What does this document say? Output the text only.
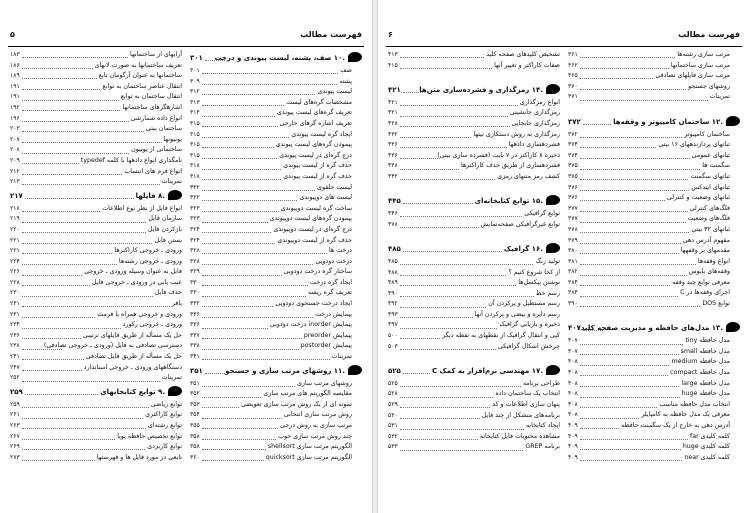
فهرست مطالب
۵
.۱۰ صف، پشته، لیست پیوندی و درخت
۳۰۱
صف
۳۰۱
پشته
۳۰۹
لیست پیوندی
۳۱۲
مشخصات گرەهای لیست
۳۱۳
تعریف گرەهای لیست پیوندی
۳۱۴
تعریف اشاره گرهای خارجی
۳۱۵
ایجاد گره لیست پیوندی
۳۱۵
پیمودن گرەهای لیست پیوندی
۳۱۵
درج گرەای در لیست پیوندی
۳۱۵
حذف گره از لیست پیوندی
۳۱۸
حذف گره از لیست پیوندی
۳۱۸
لیست حلقوی
۳۲۲
لیست های دوپیوندی
۳۲۲
ساخت گره لیست دوپیوندی
۳۲۳
پیمودن گرەهای لیست دوپیوندی
۳۲۳
درج گرەای در لیست دوپیوندی
۳۲۴
حذف گره از لیست دوپیوندی
۳۲۴
درخت ها
۳۲۸
درخت دودویی
۳۲۸
ساختار گره درخت دودویی
۳۲۹
ایجاد گره درخت
۳۳۰
تعریف گره ریشه
۳۳۰
ایجاد درخت جستجوی دودویی
۳۳۲
پیمایش درخت
۳۳۶
پیمایش inorder درخت دودویی
۳۳۶
پیمایش preorder
۳۳۷
پیمایش postorder
۳۳۸
تمرینات
۳۴۱
.۱۱ روشهای مرتب سازی و جستجو
۳۵۱
روشهای مرتب سازی
۳۵۱
مقایسه الگوریتم های مرتب سازی
۳۵۲
نمونه ای از یک روش مرتب سازی تعویضی
۳۵۳
روش مرتب سازی انتخابی
۳۵۴
مرتب سازی به روش درجی
۳۵۵
چند روش مرتب سازی خوب
۳۵۸
الگوریتم مرتب سازی shellsort
۳۵۸
الگوریتم مرتب سازی quicksort
۳۶۰
آرایهای از ساختمانها
۱۸۳
تعریف ساختمانها به صورت لانهای
۱۸۶
ساختمانها به عنوان آرگومان تابع
۱۸۹
انتقال عناصر ساختمان به توابع
۱۹۱
انتقال ساختمان به توابع
۱۹۱
اشارهگرهای ساختمانها
۱۹۲
انواع داده شمارشی
۱۹۶
ساختمان بیتی
۲۰۳
یونیونها
۲۰۷
ساختمانی از یونیون
۲۰۸
نامگذاری انواع دادهها با کلمه typedef
۲۰۹
انواع فرم های انتساب
۲۱۲
تمرینات
۲۱۳
.۸ فایلها
۲۱۷
انواع فایل از نظر نوع اطلاعات
۲۱۸
سازمان فایل
۲۱۹
بازکردن فایل
۲۲۰
بستن فایل
۲۲۱
ورودی ـ خروجی کاراکترها
۲۲۱
ورودی ـ خروجی رشته‌ها
۲۲۴
فایل به عنوان وسیله ورودی ـ خروجی
۲۲۶
عیب یابی در ورودی ـ خروجی فایل
۲۲۸
حذف فایل
۲۳۰
بافر
۲۳۱
ورودی و خروجی همراه با فرمت
۲۳۱
ورودی ـ خروجی رکورد
۲۳۴
حل یک مسأله از طریق فایلهای ترتیبی
۲۳۶
دسترسی تصادفی به فایل (ورودی ـ خروجی تصادفی)
۲۳۸
حل یک مسأله از طریق فایل تصادفی
۲۴۱
دستگاههای ورودی ـ خروجی استاندارد
۲۴۷
تمرینات
۲۵۲
.۹ توابع کتابخانهای
۲۵۹
توابع ریاضی
۲۵۹
توابع کاراکتری
۲۶۱
توابع رشته‌ای
۲۶۳
توابع تخصیص حافظه پویا
۲۶۷
توابع کاربردی
۲۶۹
تابعی در مورد فایل ها و فهرستها
۲۷۳
فهرست مطالب
۶
مرتب سازی رشته‌ها
۳۶۱
مرتب سازی ساختمانها
۳۶۲
مرتب سازی فایلهای تصادفی
۳۶۵
روشهای جستجو
۳۷۰
تمرینات
۳۷۱
.۱۲ ساختمان کامپیوتر و وقفه‌ها
۳۷۲
ساختمان کامپیوتر
۳۷۲
ثباتهای پردازندههای ۱۶ بیتی
۳۷۴
ثباتهای عمومی
۳۷۴
سگمنت ها
۳۷۵
ثباتهای سگمنت
۳۷۵
ثباتهای ایندکس
۳۷۶
ثباتهای وضعیت و کنترلی
۳۷۶
فلگ‌های کنترلی
۳۷۷
فلگ‌های وضعیت
۳۷۷
ثباتهای ۳۲ بیتی
۳۷۸
مفهوم آدرس دهی
۳۷۹
مقدمهای بر وقفهها
۳۸۰
انواع وقفه‌ها
۳۸۱
وقفه‌های بایوس
۳۸۲
معرفی توابع چند وقفه
۳۸۴
اجرای وقفه‌ها در C
۳۸۴
توابع DOS
۳۹۰
.۱۳ مدل‌های حافظه و مدیریت صفحه کلید
۴۰۷
مدل حافظه tiny
۴۰۷
مدل حافظه small
۴۰۷
مدل حافظه medium
۴۰۸
مدل حافظه compact
۴۰۸
مدل حافظه large
۴۰۸
مدل حافظه huge
۴۰۸
انتخاب مدل حافظه مناسب
۴۰۸
معرفی یک مدل حافظه به کامپایلر
۴۰۸
آدرس دهی به خارج از یک سگمنت حافظه
۴۰۹
کلمه کلیدی far
۴۰۹
کلمه کلیدی huge
۴۰۹
کلمه کلیدی near
۴۰۹
تشخیص کلیدهای صفحه کلید
۴۱۳
صفات کاراکتر و تغییر آنها
۴۱۵
.۱۴ رمزگذاری و فشرده‌سازی متن‌ها
۴۲۱
انواع رمزگذاری
۴۲۱
رمزگذاری جانشینی
۴۲۱
رمزگذاری جابجایی
۴۲۸
رمزگذاری به روش دستکاری بیتها
۴۳۲
فشردهسازی دادهها
۴۳۶
ذخیره ۸ کاراکتر در ۷ بایت (فشرده سازی بیتی)
۴۳۶
فشردهسازی از طریق حذف کاراکترها
۴۳۸
کشف رمز متنهای رمزی
۴۴۲
.۱۵ توابع کتابخانه‌ای
۴۴۵
توابع گرافیکی
۴۴۶
توابع غیرگرافیکی صفحه‌نمایش
۴۷۸
.۱۶ گرافیک
۴۸۵
تولید رنگ
۴۸۵
از کجا شروع کنیم ؟
۴۸۸
نوشتن پیکسل‌ها
۴۸۹
رسم خط
۴۹۰
رسم مستطیل و پرکردن آن
۴۹۲
رسم دایره و بیضی و پرکردن آنها
۴۹۳
ذخیره و بازیابی گرافیک
۴۹۷
کپی و انتقال گرافیک از نقطهای به نقطه دیگر
۵۰۰
چرخش اشکال گرافیکی
۵۰۳
.۱۷ مهندسی نرم‌افزار به کمک C
۵۲۵
طراحی برنامه
۵۲۵
انتخاب یک ساختمان داده
۵۲۸
پنهان سازی اطلاعات و کد
۵۲۹
برنامه‌های متشکل از چند فایل
۵۳۰
ایجاد کتابخانه
۵۳۱
مشاهده محتویات فایل کتابخانه
۵۳۲
برنامه GREP
۵۳۳
